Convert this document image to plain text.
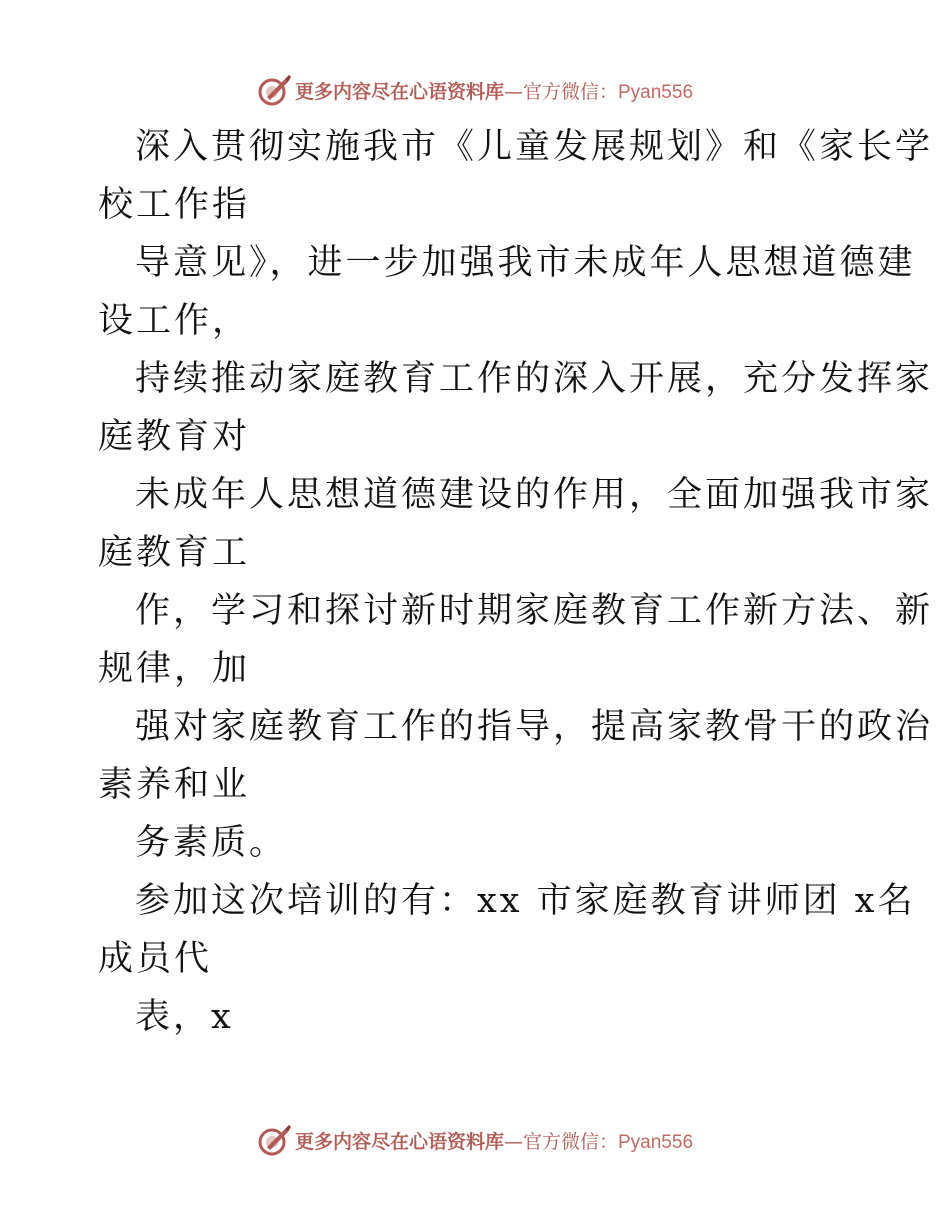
更多内容尽在心语资料库—官方微信：Pyan556
深入贯彻实施我市《儿童发展规划》和《家长学
校工作指
导意见》，进一步加强我市未成年人思想道德建
设工作，
持续推动家庭教育工作的深入开展，充分发挥家
庭教育对
未成年人思想道德建设的作用，全面加强我市家
庭教育工
作，学习和探讨新时期家庭教育工作新方法、新
规律，加
强对家庭教育工作的指导，提高家教骨干的政治
素养和业
务素质。
参加这次培训的有：xx 市家庭教育讲师团 x名
成员代
表，x
更多内容尽在心语资料库—官方微信：Pyan556
